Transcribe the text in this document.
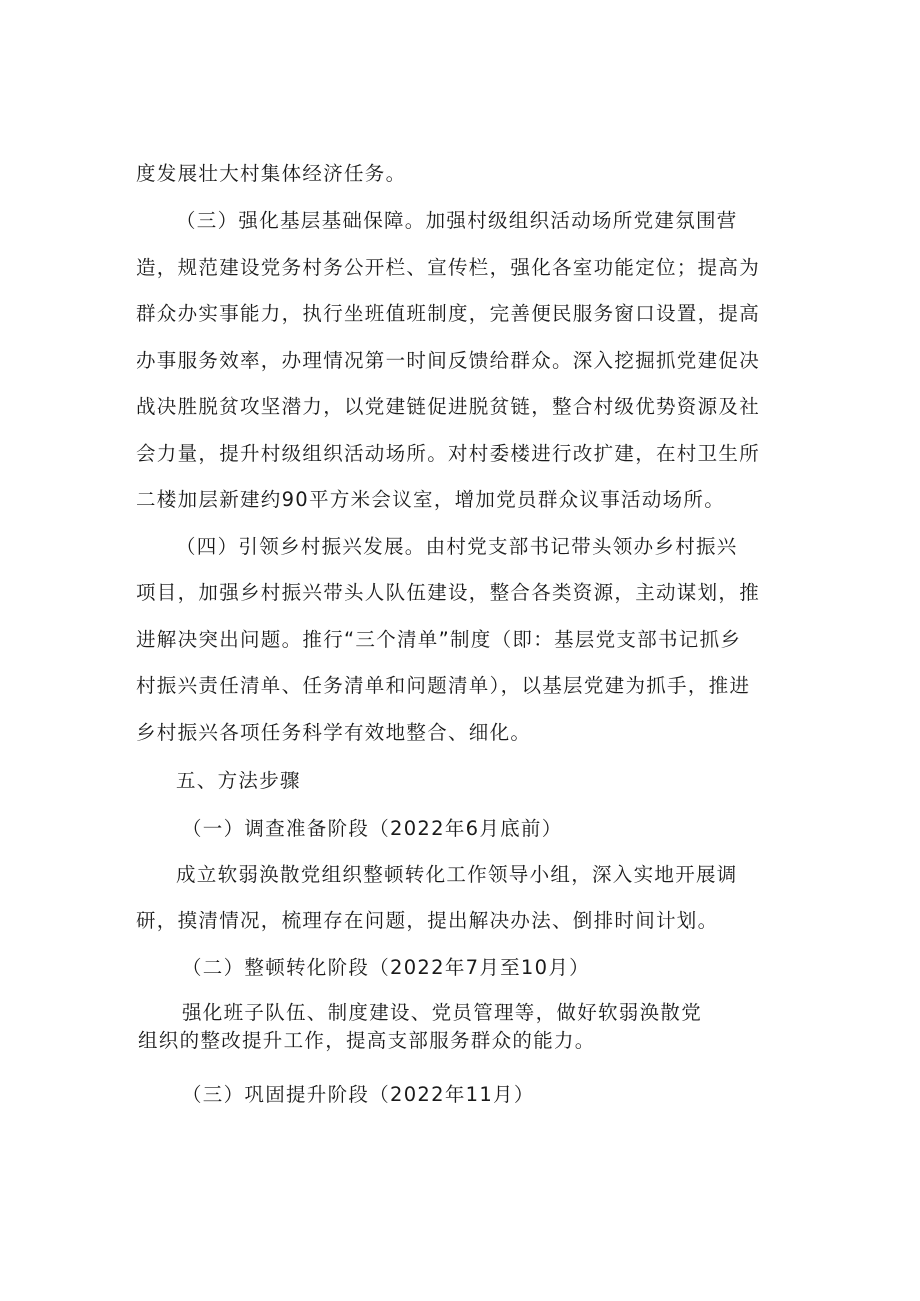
度发展壮大村集体经济任务。
（三）强化基层基础保障。加强村级组织活动场所党建氛围营
造，规范建设党务村务公开栏、宣传栏，强化各室功能定位；提高为
群众办实事能力，执行坐班值班制度，完善便民服务窗口设置，提高
办事服务效率，办理情况第一时间反馈给群众。深入挖掘抓党建促决
战决胜脱贫攻坚潜力，以党建链促进脱贫链，整合村级优势资源及社
会力量，提升村级组织活动场所。对村委楼进行改扩建，在村卫生所
二楼加层新建约90平方米会议室，增加党员群众议事活动场所。
（四）引领乡村振兴发展。由村党支部书记带头领办乡村振兴
项目，加强乡村振兴带头人队伍建设，整合各类资源，主动谋划，推
进解决突出问题。推行“三个清单”制度（即：基层党支部书记抓乡
村振兴责任清单、任务清单和问题清单），以基层党建为抓手，推进
乡村振兴各项任务科学有效地整合、细化。
五、方法步骤
（一）调查准备阶段（2022年6月底前）
成立软弱涣散党组织整顿转化工作领导小组，深入实地开展调
研，摸清情况，梳理存在问题，提出解决办法、倒排时间计划。
（二）整顿转化阶段（2022年7月至10月）
强化班子队伍、制度建设、党员管理等，做好软弱涣散党
组织的整改提升工作，提高支部服务群众的能力。
（三）巩固提升阶段（2022年11月）
